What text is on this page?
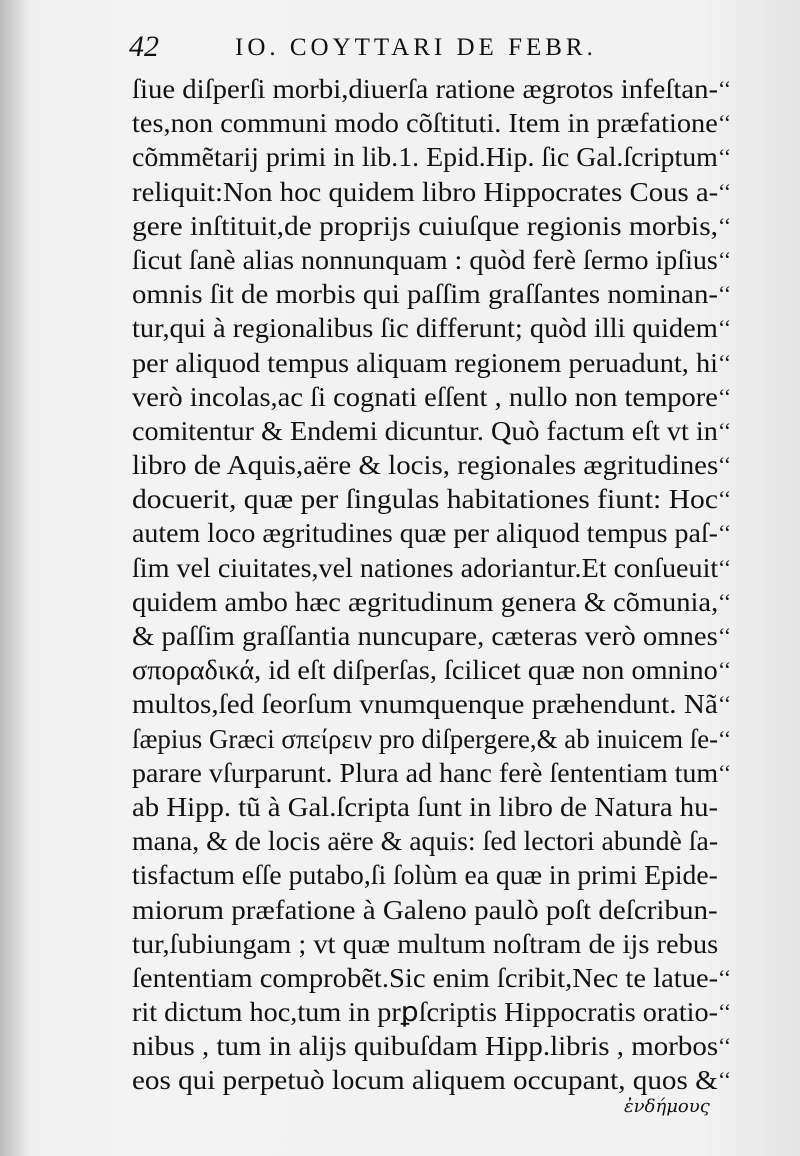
42	IO. COYTTARI DE FEBR.
ſiue diſperſi morbi,diuerſa ratione ægrotos infeſtan-
tes,non communi modo cõſtituti. Item in præfatione
cõmmẽtarij primi in lib.1. Epid.Hip. ſic Gal.ſcriptum
reliquit:Non hoc quidem libro Hippocrates Cous a-
gere inſtituit,de proprijs cuiuſque regionis morbis,
ſicut ſanè alias nonnunquam : quòd ferè ſermo ipſius
omnis ſit de morbis qui paſſim graſſantes nominan-
tur,qui à regionalibus ſic differunt; quòd illi quidem
per aliquod tempus aliquam regionem peruadunt, hi
verò incolas,ac ſi cognati eſſent , nullo non tempore
comitentur & Endemi dicuntur. Quò factum eſt vt in
libro de Aquis,aëre & locis, regionales ægritudines
docuerit, quæ per ſingulas habitationes fiunt: Hoc
autem loco ægritudines quæ per aliquod tempus paſ-
ſim vel ciuitates,vel nationes adoriantur.Et conſueuit
quidem ambo hæc ægritudinum genera & cõmunia,
& paſſim graſſantia nuncupare, cæteras verò omnes
σποραδικά, id eſt diſperſas, ſcilicet quæ non omnino
multos,ſed ſeorſum vnumquenque præhendunt. Nã
ſæpius Græci σπείρειν pro diſpergere,& ab inuicem ſe-
parare vſurparunt. Plura ad hanc ferè ſententiam tum
ab Hipp. tũ à Gal.ſcripta ſunt in libro de Natura hu-
mana, & de locis aëre & aquis: ſed lectori abundè ſa-
tisfactum eſſe putabo,ſi ſolùm ea quæ in primi Epide-
miorum præfatione à Galeno paulò poſt deſcribun-
tur,ſubiungam ; vt quæ multum noſtram de ijs rebus
ſententiam comprobẽt.Sic enim ſcribit,Nec te latue-
rit dictum hoc,tum in prꝑſcriptis Hippocratis oratio-
nibus , tum in alijs quibuſdam Hipp.libris , morbos
eos qui perpetuò locum aliquem occupant, quos &
‘‘
‘‘
‘‘
‘‘
‘‘
‘‘
‘‘
‘‘
‘‘
‘‘
‘‘
‘‘
‘‘
‘‘
‘‘
‘‘
‘‘
‘‘
‘‘
‘‘
‘‘
‘‘
‘‘
‘‘
‘‘
ἐνδήμους
